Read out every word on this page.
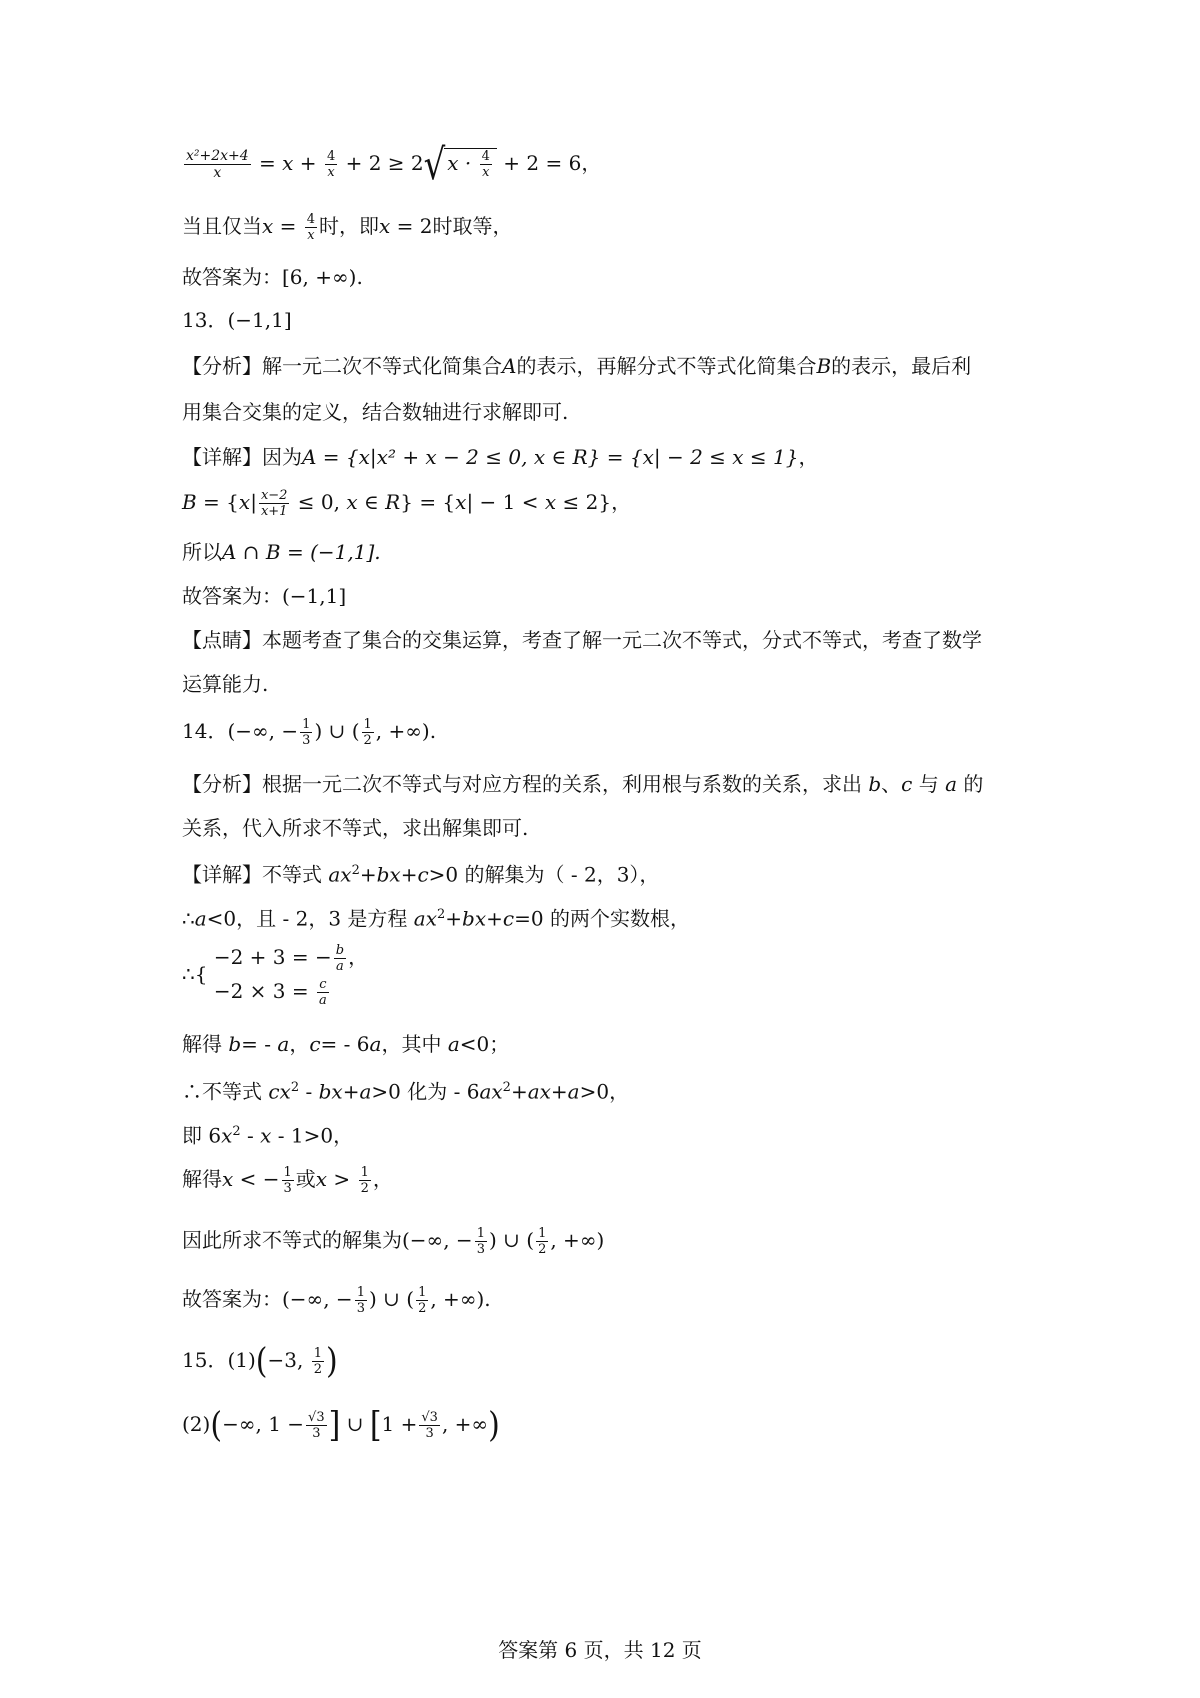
$\frac{\text{x²+2x+4}}{x} = x + \frac{4}{x} + 2 \ge 2√$ $x \cdot \frac{4}{x} + 2 = 6$，
当且仅当$x = \frac{4}{x}$ 时，即x = 2时取等，
故答案为：[6, +∞).
13．(−1,1]
【分析】解一元二次不等式化简集合A的表示，再解分式不等式化简集合B的表示，最后利
用集合交集的定义，结合数轴进行求解即可.
【详解】因为A = {x|x² + x − 2 ≤ 0, x ∈ R} = {x| − 2 ≤ x ≤ 1}，
$B = \{x| \frac{x-2}{x+1} \le 0$, x ∈ R} = {x| − 1 < x ≤ 2}，
所以A ∩ B = (−1,1].
故答案为：(−1,1]
【点睛】本题考查了集合的交集运算，考查了解一元二次不等式，分式不等式，考查了数学
运算能力.
14．(−∞, − $\frac{1}{3}$ ) ∪ ( $\frac{1}{2}$ , +∞).
【分析】根据一元二次不等式与对应方程的关系，利用根与系数的关系，求出 b、c 与 a 的
关系，代入所求不等式，求出解集即可.
【详解】不等式 $ax^2+bx+c>0$ 的解集为（ - 2，3），
∴a<0，且 - 2，3 是方程 $ax^2+bx+c=0$ 的两个实数根，
∴{
−2 + 3 = − $\frac{b}{a}$ ，
$-2 \times 3 = \frac{c}{a}$
解得 b= - a，c= - 6a，其中 a<0；
∴不等式 $cx^2 - bx+a>0$ 化为 - $6ax^2+ax+a>0$，
即 $6x^2 - x - 1>0$，
解得x < − $\frac{1}{3}$ 或$x > \frac{1}{2}$ ，
因此所求不等式的解集为(−∞, − $\frac{1}{3}$ ) ∪ ( $\frac{1}{2}$ , +∞)
故答案为：(−∞, − $\frac{1}{3}$ ) ∪ ( $\frac{1}{2}$ , +∞).
15．(1)(−3, $\frac{1}{2}$ )
(2)(−∞, $1 - \frac{√3}{3}$ ] ∪ [$1 + \frac{√3}{3}$ , +∞)
答案第 6 页，共 12 页
